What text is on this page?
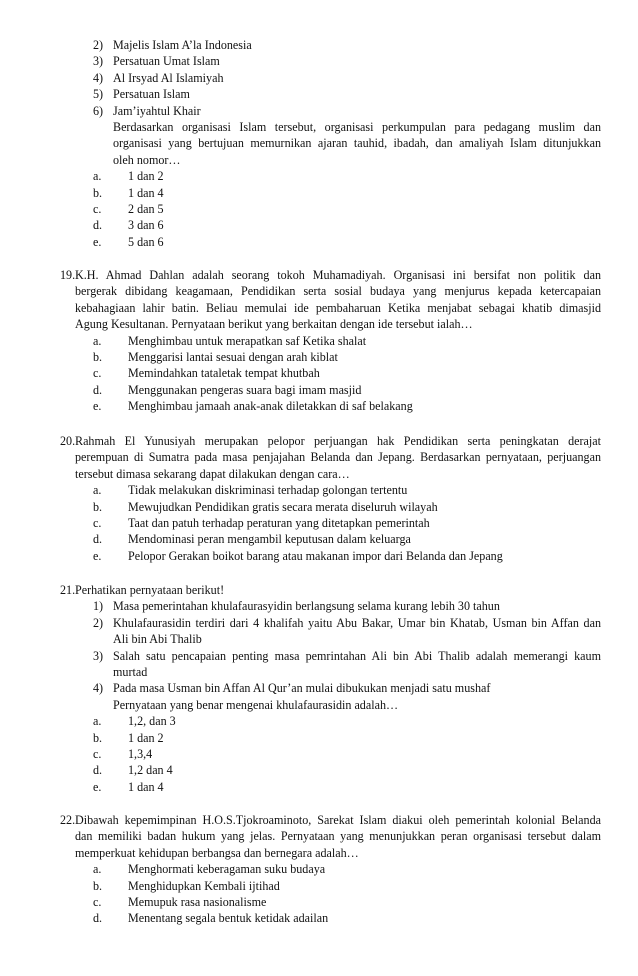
2) Majelis Islam A’la Indonesia
3) Persatuan Umat Islam
4) Al Irsyad Al Islamiyah
5) Persatuan Islam
6) Jam’iyahtul Khair
Berdasarkan organisasi Islam tersebut, organisasi perkumpulan para pedagang muslim dan
organisasi yang bertujuan memurnikan ajaran tauhid, ibadah, dan amaliyah Islam ditunjukkan
oleh nomor…
a. 1 dan 2
b. 1 dan 4
c. 2 dan 5
d. 3 dan 6
e. 5 dan 6
19. K.H. Ahmad Dahlan adalah seorang tokoh Muhamadiyah. Organisasi ini bersifat non politik dan
bergerak dibidang keagamaan, Pendidikan serta sosial budaya yang menjurus kepada ketercapaian
kebahagiaan lahir batin. Beliau memulai ide pembaharuan Ketika menjabat sebagai khatib dimasjid
Agung Kesultanan. Pernyataan berikut yang berkaitan dengan ide tersebut ialah…
a. Menghimbau untuk merapatkan saf Ketika shalat
b. Menggarisi lantai sesuai dengan arah kiblat
c. Memindahkan tataletak tempat khutbah
d. Menggunakan pengeras suara bagi imam masjid
e. Menghimbau jamaah anak-anak diletakkan di saf belakang
20. Rahmah El Yunusiyah merupakan pelopor perjuangan hak Pendidikan serta peningkatan derajat
perempuan di Sumatra pada masa penjajahan Belanda dan Jepang. Berdasarkan pernyataan, perjuangan
tersebut dimasa sekarang dapat dilakukan dengan cara…
a. Tidak melakukan diskriminasi terhadap golongan tertentu
b. Mewujudkan Pendidikan gratis secara merata diseluruh wilayah
c. Taat dan patuh terhadap peraturan yang ditetapkan pemerintah
d. Mendominasi peran mengambil keputusan dalam keluarga
e. Pelopor Gerakan boikot barang atau makanan impor dari Belanda dan Jepang
21. Perhatikan pernyataan berikut!
1) Masa pemerintahan khulafaurasyidin berlangsung selama kurang lebih 30 tahun
2) Khulafaurasidin terdiri dari 4 khalifah yaitu Abu Bakar, Umar bin Khatab, Usman bin Affan dan
Ali bin Abi Thalib
3) Salah satu pencapaian penting masa pemrintahan Ali bin Abi Thalib adalah memerangi kaum
murtad
4) Pada masa Usman bin Affan Al Qur’an mulai dibukukan menjadi satu mushaf
Pernyataan yang benar mengenai khulafaurasidin adalah…
a. 1,2, dan 3
b. 1 dan 2
c. 1,3,4
d. 1,2 dan 4
e. 1 dan 4
22. Dibawah kepemimpinan H.O.S.Tjokroaminoto, Sarekat Islam diakui oleh pemerintah kolonial Belanda
dan memiliki badan hukum yang jelas. Pernyataan yang menunjukkan peran organisasi tersebut dalam
memperkuat kehidupan berbangsa dan bernegara adalah…
a. Menghormati keberagaman suku budaya
b. Menghidupkan Kembali ijtihad
c. Memupuk rasa nasionalisme
d. Menentang segala bentuk ketidak adailan
